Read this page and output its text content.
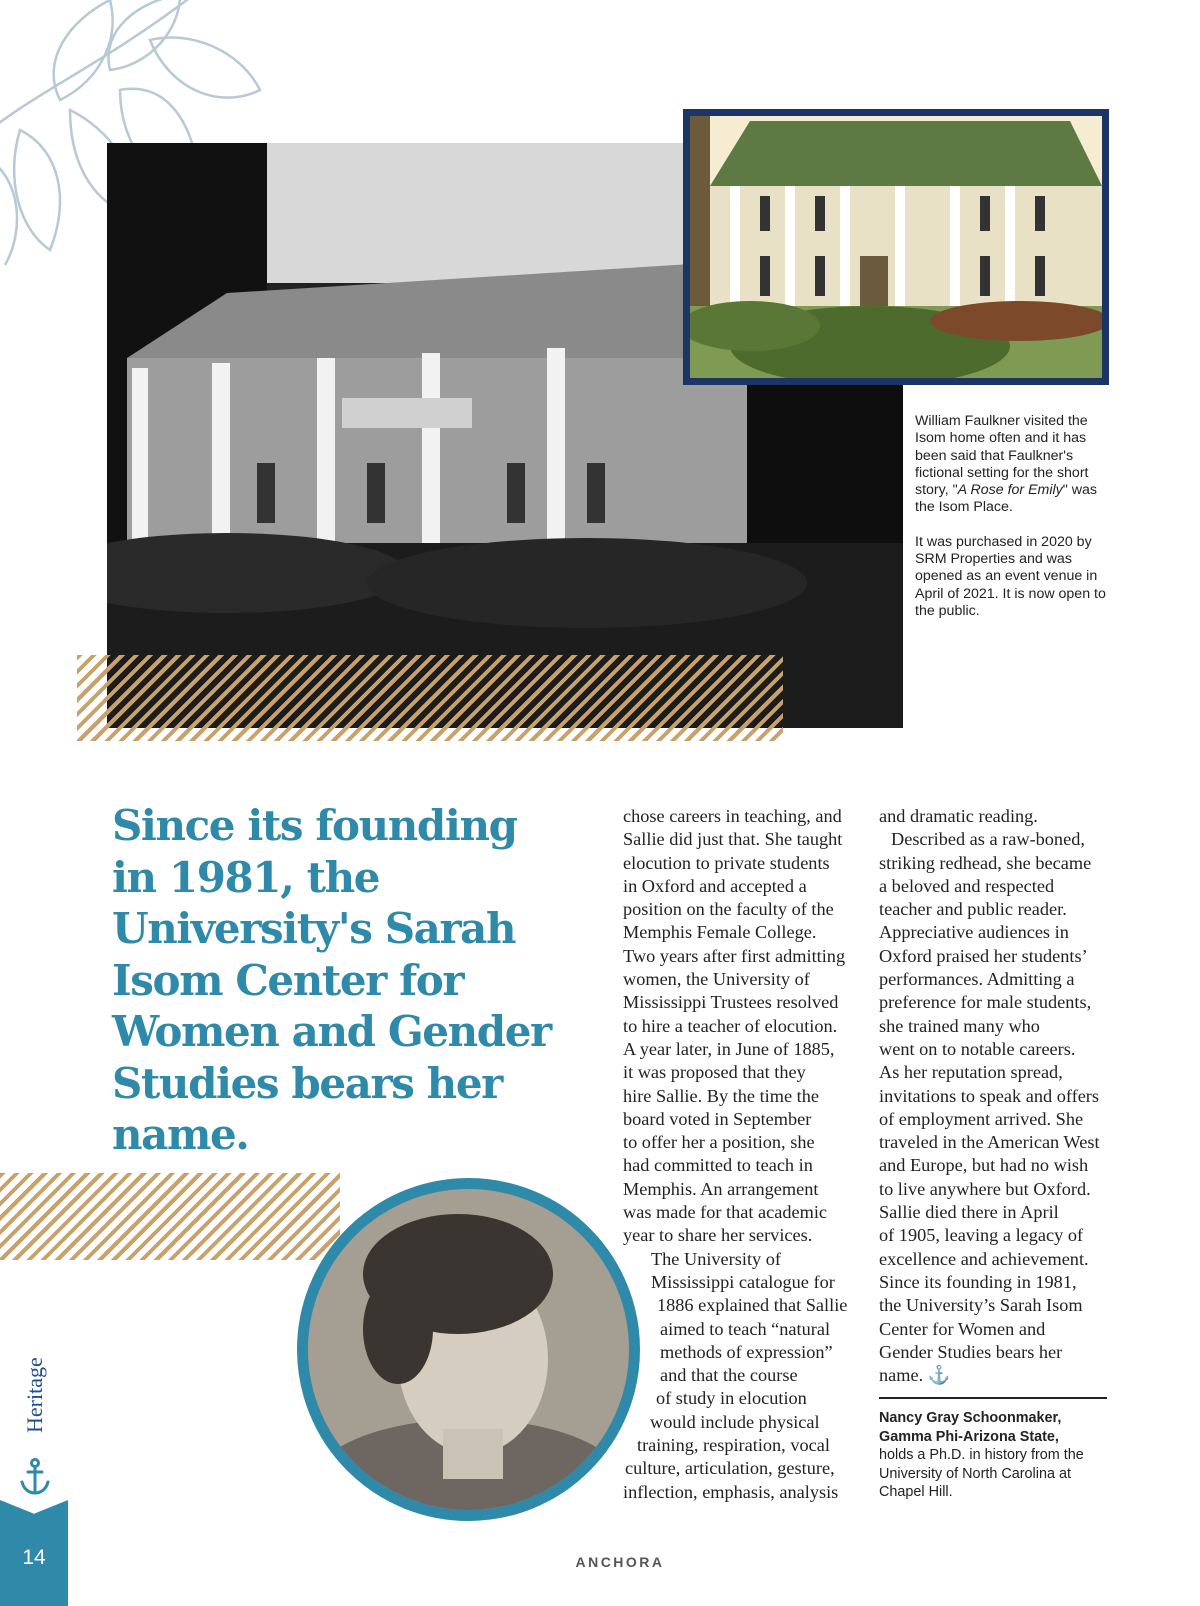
William Faulkner visited the Isom home often and it has been said that Faulkner's fictional setting for the short story, "A Rose for Emily" was the Isom Place.

It was purchased in 2020 by SRM Properties and was opened as an event venue in April of 2021. It is now open to the public.

Since its founding in 1981, the University's Sarah Isom Center for Women and Gender Studies bears her name.
chose careers in teaching, and
Sallie did just that. She taught
elocution to private students
in Oxford and accepted a
position on the faculty of the
Memphis Female College.
Two years after first admitting
women, the University of
Mississippi Trustees resolved
to hire a teacher of elocution.
A year later, in June of 1885,
it was proposed that they
hire Sallie. By the time the
board voted in September
to offer her a position, she
had committed to teach in
Memphis. An arrangement
was made for that academic
year to share her services.
The University of
Mississippi catalogue for
1886 explained that Sallie
aimed to teach “natural
methods of expression”
and that the course
of study in elocution
would include physical
training, respiration, vocal
culture, articulation, gesture,
inflection, emphasis, analysis
and dramatic reading.
Described as a raw-boned,
striking redhead, she became
a beloved and respected
teacher and public reader.
Appreciative audiences in
Oxford praised her students’
performances. Admitting a
preference for male students,
she trained many who
went on to notable careers.
As her reputation spread,
invitations to speak and offers
of employment arrived. She
traveled in the American West
and Europe, but had no wish
to live anywhere but Oxford.
Sallie died there in April
of 1905, leaving a legacy of
excellence and achievement.
Since its founding in 1981,
the University’s Sarah Isom
Center for Women and
Gender Studies bears her
name. ⚓
Nancy Gray Schoonmaker,
Gamma Phi-Arizona State,
holds a Ph.D. in history from the University of North Carolina at Chapel Hill.
Heritage
14	ANCHORA
